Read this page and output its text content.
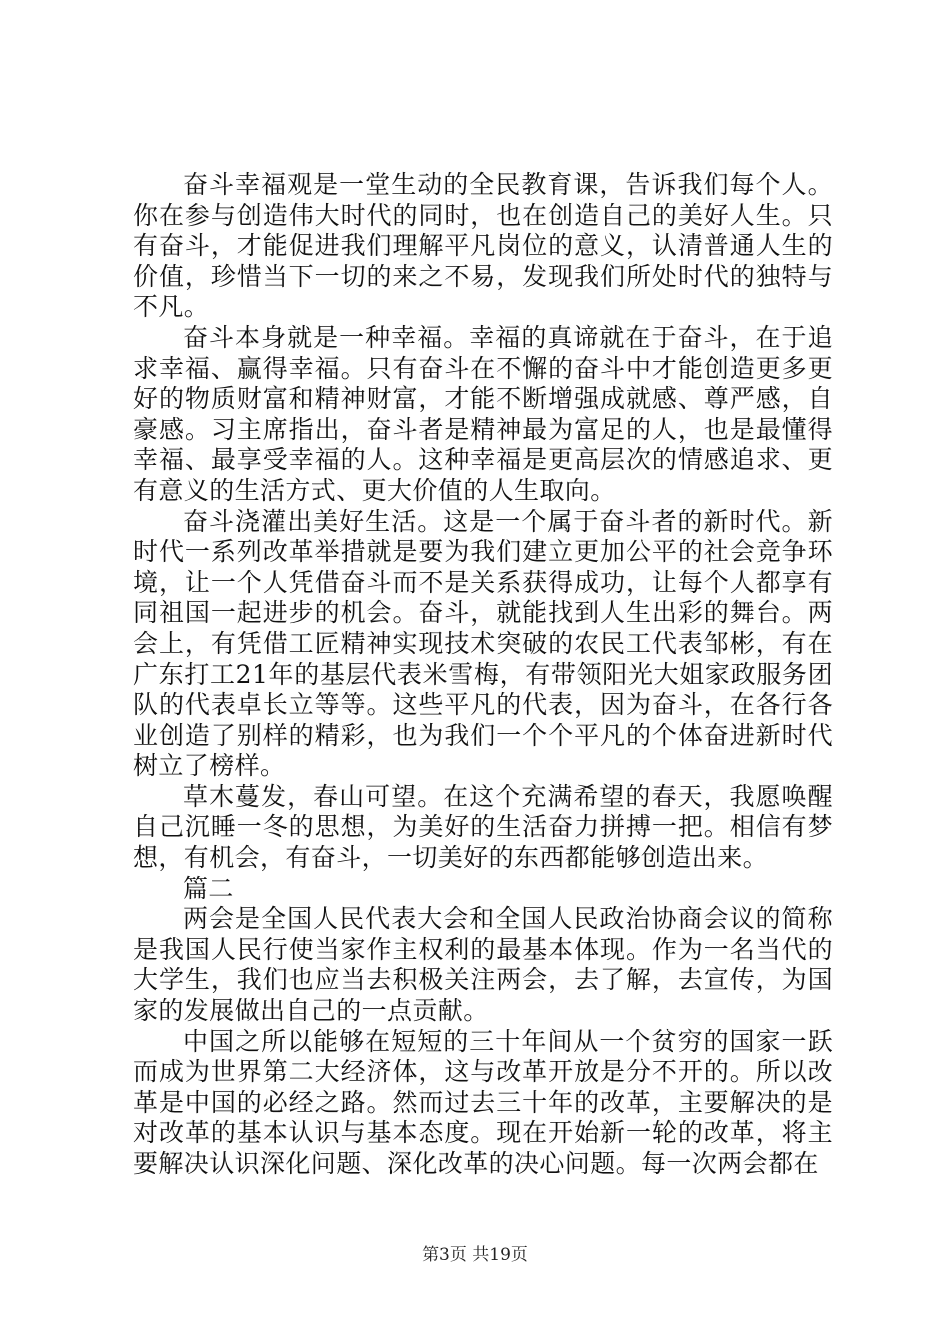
奋斗幸福观是一堂生动的全民教育课，告诉我们每个人。你在参与创造伟大时代的同时，也在创造自己的美好人生。只有奋斗，才能促进我们理解平凡岗位的意义，认清普通人生的价值，珍惜当下一切的来之不易，发现我们所处时代的独特与不凡。

奋斗本身就是一种幸福。幸福的真谛就在于奋斗，在于追求幸福、赢得幸福。只有奋斗在不懈的奋斗中才能创造更多更好的物质财富和精神财富，才能不断增强成就感、尊严感，自豪感。习主席指出，奋斗者是精神最为富足的人，也是最懂得幸福、最享受幸福的人。这种幸福是更高层次的情感追求、更有意义的生活方式、更大价值的人生取向。

奋斗浇灌出美好生活。这是一个属于奋斗者的新时代。新时代一系列改革举措就是要为我们建立更加公平的社会竞争环境，让一个人凭借奋斗而不是关系获得成功，让每个人都享有同祖国一起进步的机会。奋斗，就能找到人生出彩的舞台。两会上，有凭借工匠精神实现技术突破的农民工代表邹彬，有在广东打工21年的基层代表米雪梅，有带领阳光大姐家政服务团队的代表卓长立等等。这些平凡的代表，因为奋斗，在各行各业创造了别样的精彩，也为我们一个个平凡的个体奋进新时代树立了榜样。

草木蔓发，春山可望。在这个充满希望的春天，我愿唤醒自己沉睡一冬的思想，为美好的生活奋力拼搏一把。相信有梦想，有机会，有奋斗，一切美好的东西都能够创造出来。

篇二

两会是全国人民代表大会和全国人民政治协商会议的简称是我国人民行使当家作主权利的最基本体现。作为一名当代的大学生，我们也应当去积极关注两会，去了解，去宣传，为国家的发展做出自己的一点贡献。

中国之所以能够在短短的三十年间从一个贫穷的国家一跃而成为世界第二大经济体，这与改革开放是分不开的。所以改革是中国的必经之路。然而过去三十年的改革，主要解决的是对改革的基本认识与基本态度。现在开始新一轮的改革，将主要解决认识深化问题、深化改革的决心问题。每一次两会都在

第3页 共19页
